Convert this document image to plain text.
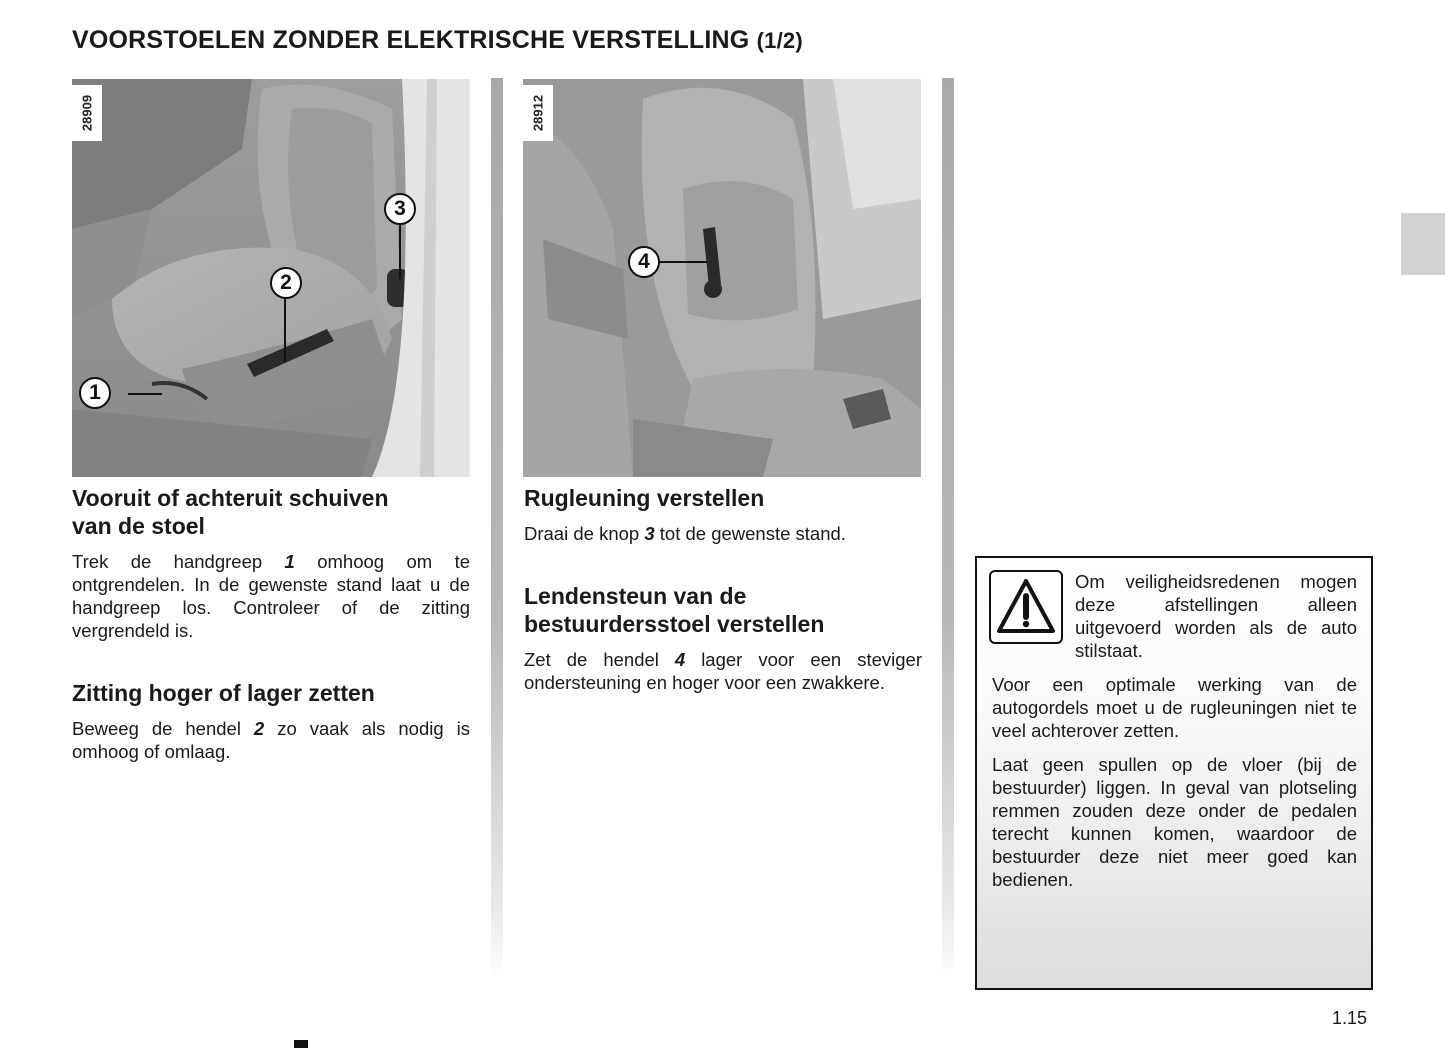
VOORSTOELEN ZONDER ELEKTRISCHE VERSTELLING (1/2)
28909
1
2
3
28912
4
Vooruit of achteruit schuiven
van de stoel

Trek de handgreep 1 omhoog om te ontgrendelen. In de gewenste stand laat u de handgreep los. Controleer of de zitting vergrendeld is.

Zitting hoger of lager zetten

Beweeg de hendel 2 zo vaak als nodig is omhoog of omlaag.

Rugleuning verstellen

Draai de knop 3 tot de gewenste stand.

Lendensteun van de
bestuurdersstoel verstellen

Zet de hendel 4 lager voor een steviger ondersteuning en hoger voor een zwakkere.

Om veiligheidsredenen mogen deze afstellingen alleen uitgevoerd worden als de auto stilstaat.

Voor een optimale werking van de autogordels moet u de rugleuningen niet te veel achterover zetten.

Laat geen spullen op de vloer (bij de bestuurder) liggen. In geval van plotseling remmen zouden deze onder de pedalen terecht kunnen komen, waardoor de bestuurder deze niet meer goed kan bedienen.

1.15
